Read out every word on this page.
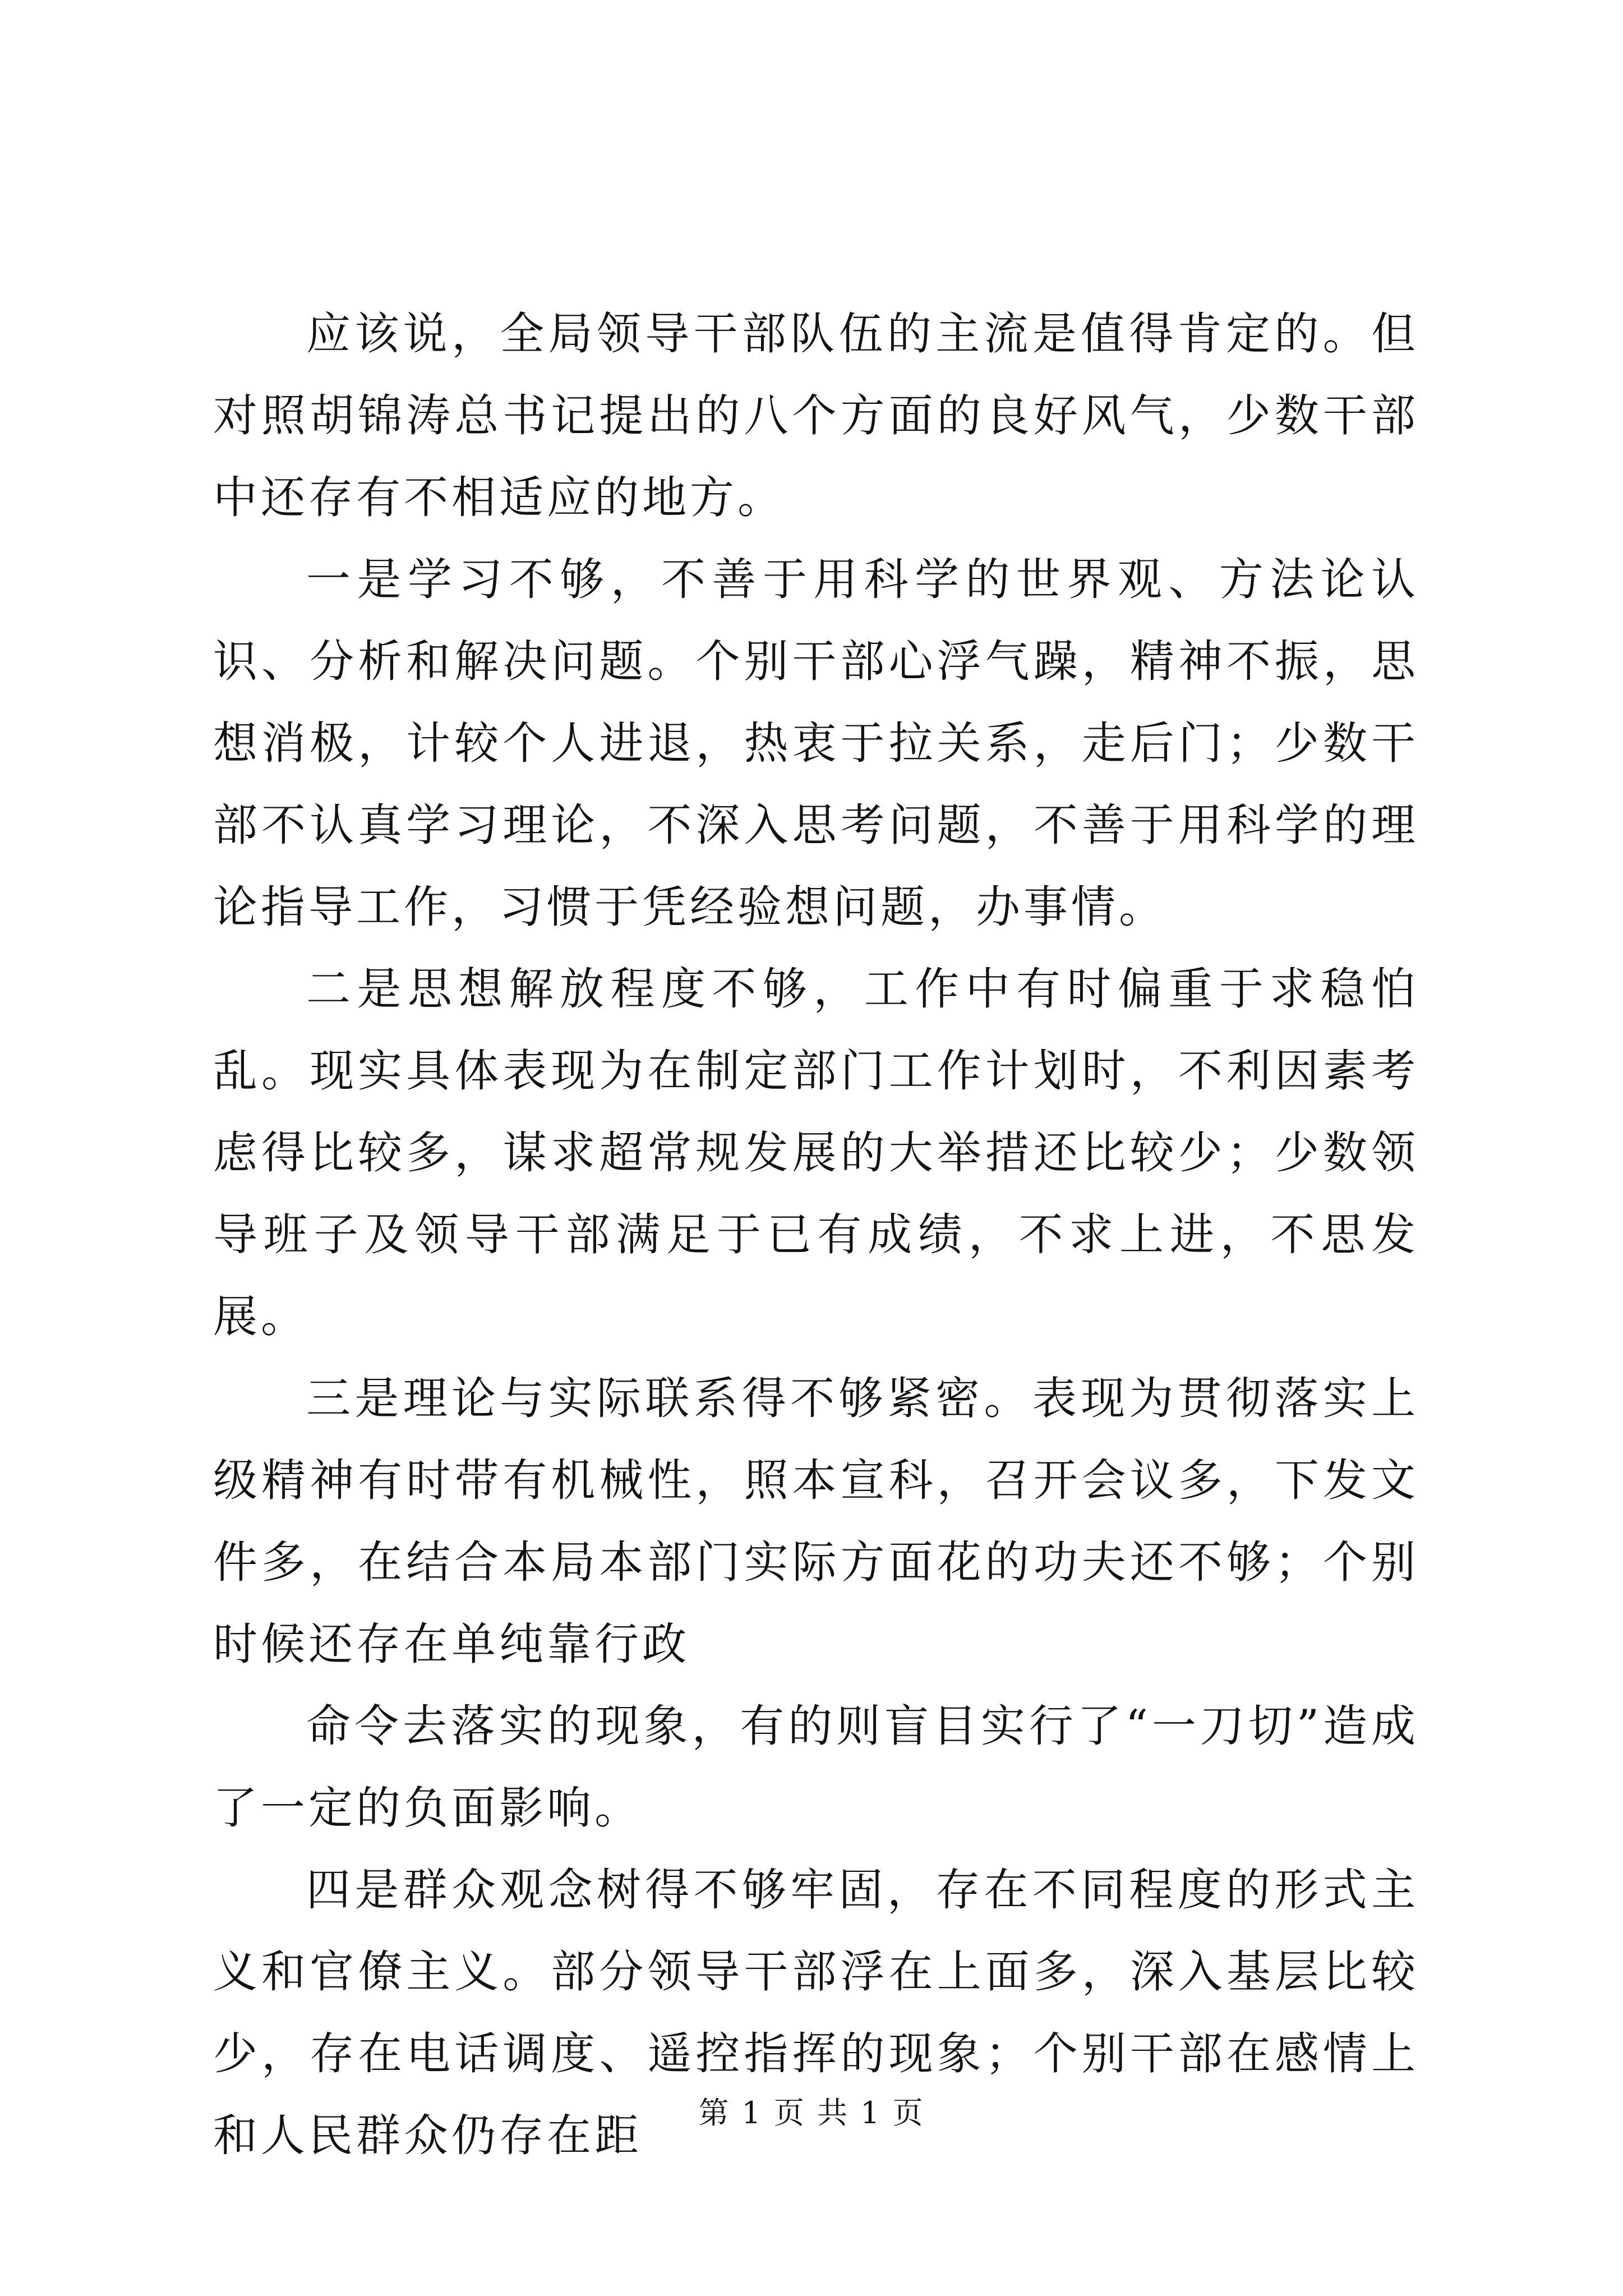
应该说，全局领导干部队伍的主流是值得肯定的。但对照胡锦涛总书记提出的八个方面的良好风气，少数干部中还存有不相适应的地方。

一是学习不够，不善于用科学的世界观、方法论认识、分析和解决问题。个别干部心浮气躁，精神不振，思想消极，计较个人进退，热衷于拉关系，走后门；少数干部不认真学习理论，不深入思考问题，不善于用科学的理论指导工作，习惯于凭经验想问题，办事情。

二是思想解放程度不够，工作中有时偏重于求稳怕乱。现实具体表现为在制定部门工作计划时，不利因素考虑得比较多，谋求超常规发展的大举措还比较少；少数领导班子及领导干部满足于已有成绩，不求上进，不思发展。

三是理论与实际联系得不够紧密。表现为贯彻落实上级精神有时带有机械性，照本宣科，召开会议多，下发文件多，在结合本局本部门实际方面花的功夫还不够；个别时候还存在单纯靠行政

命令去落实的现象，有的则盲目实行了“一刀切”造成了一定的负面影响。

四是群众观念树得不够牢固，存在不同程度的形式主义和官僚主义。部分领导干部浮在上面多，深入基层比较少，存在电话调度、遥控指挥的现象；个别干部在感情上和人民群众仍存在距	第 1 页 共 1 页
